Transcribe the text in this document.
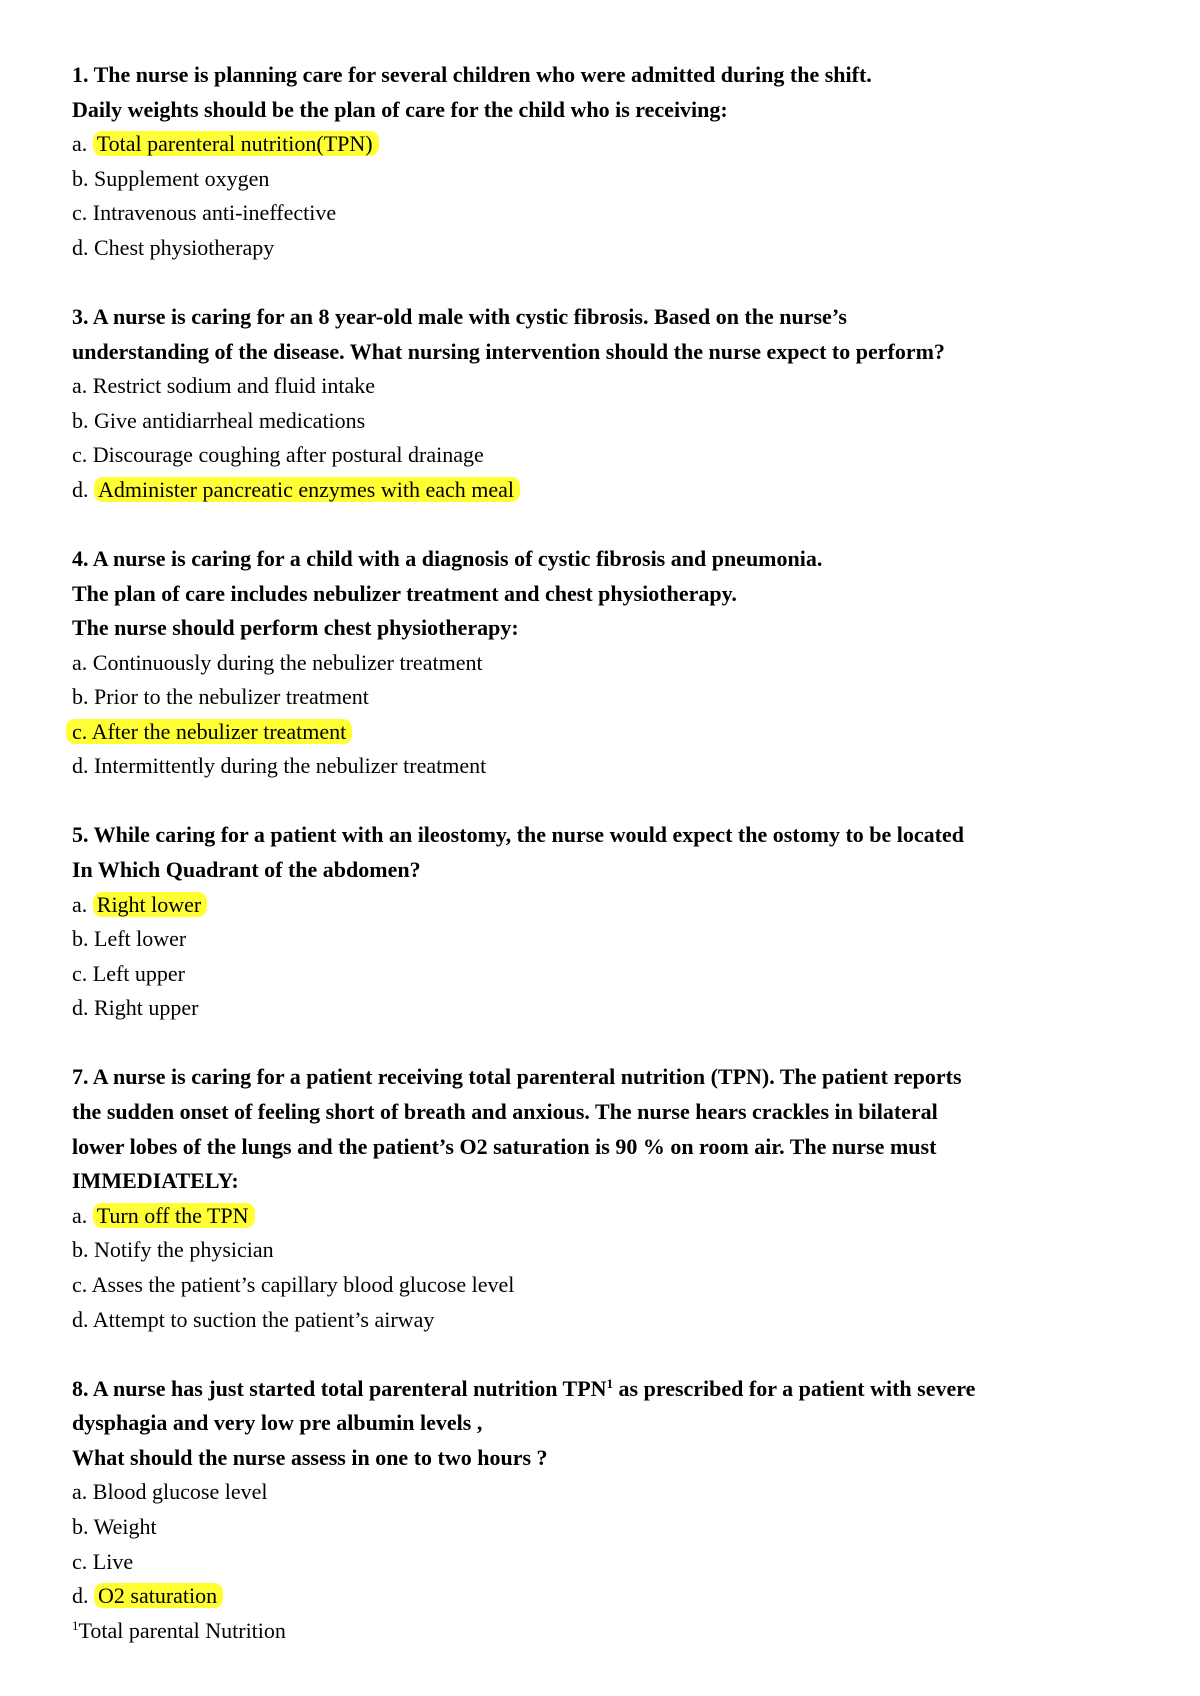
1. The nurse is planning care for several children who were admitted during the shift.
Daily weights should be the plan of care for the child who is receiving:
a. Total parenteral nutrition(TPN)
b. Supplement oxygen
c. Intravenous anti-ineffective
d. Chest physiotherapy
3. A nurse is caring for an 8 year-old male with cystic fibrosis. Based on the nurse’s
understanding of the disease. What nursing intervention should the nurse expect to perform?
a. Restrict sodium and fluid intake
b. Give antidiarrheal medications
c. Discourage coughing after postural drainage
d. Administer pancreatic enzymes with each meal
4. A nurse is caring for a child with a diagnosis of cystic fibrosis and pneumonia.
The plan of care includes nebulizer treatment and chest physiotherapy.
The nurse should perform chest physiotherapy:
a. Continuously during the nebulizer treatment
b. Prior to the nebulizer treatment
c. After the nebulizer treatment
d. Intermittently during the nebulizer treatment
5. While caring for a patient with an ileostomy, the nurse would expect the ostomy to be located
In Which Quadrant of the abdomen?
a. Right lower
b. Left lower
c. Left upper
d. Right upper
7. A nurse is caring for a patient receiving total parenteral nutrition (TPN). The patient reports
the sudden onset of feeling short of breath and anxious. The nurse hears crackles in bilateral
lower lobes of the lungs and the patient’s O2 saturation is 90 % on room air. The nurse must
IMMEDIATELY:
a. Turn off the TPN
b. Notify the physician
c. Asses the patient’s capillary blood glucose level
d. Attempt to suction the patient’s airway
8. A nurse has just started total parenteral nutrition TPN$^1$ as prescribed for a patient with severe
dysphagia and very low pre albumin levels ,
What should the nurse assess in one to two hours ?
a. Blood glucose level
b. Weight
c. Live
d. O2 saturation
$^1$Total parental Nutrition
